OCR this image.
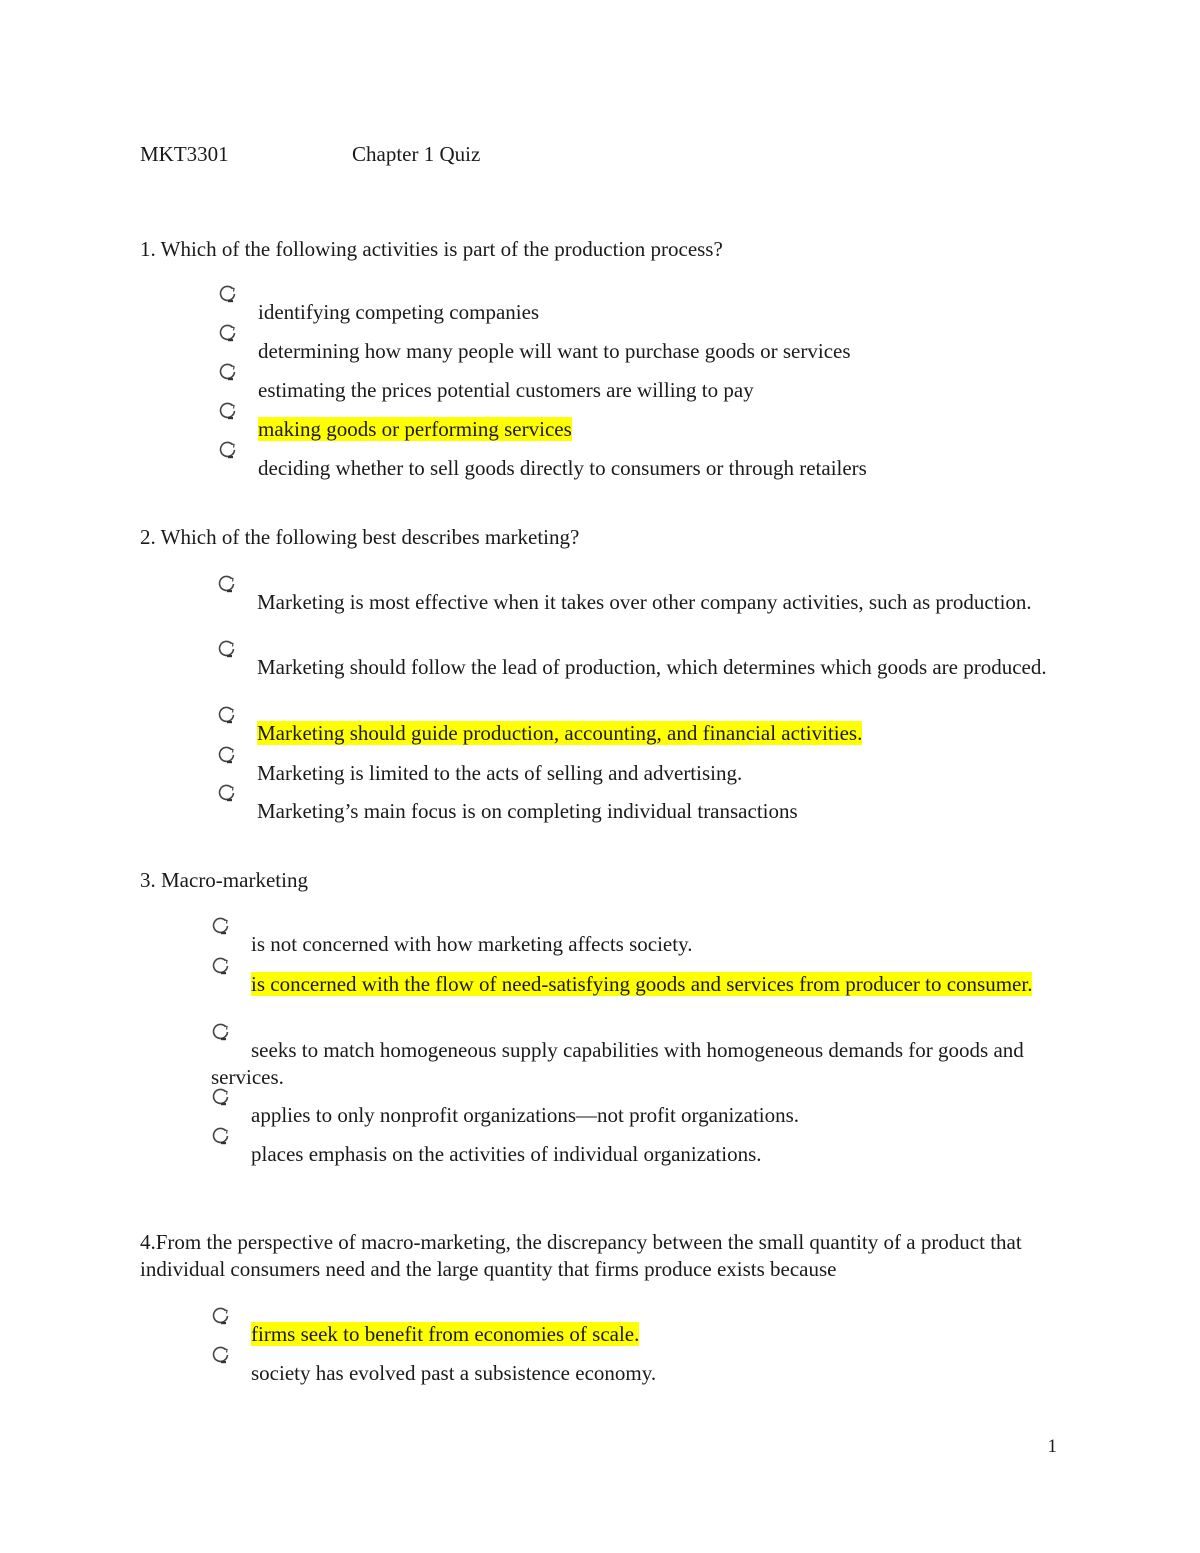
MKT3301	Chapter 1 Quiz
1. Which of the following activities is part of the production process?
identifying competing companies
determining how many people will want to purchase goods or services
estimating the prices potential customers are willing to pay
making goods or performing services
deciding whether to sell goods directly to consumers or through retailers
2. Which of the following best describes marketing?
Marketing is most effective when it takes over other company activities, such as production.
Marketing should follow the lead of production, which determines which goods are produced.
Marketing should guide production, accounting, and financial activities.
Marketing is limited to the acts of selling and advertising.
Marketing’s main focus is on completing individual transactions
3. Macro-marketing
is not concerned with how marketing affects society.
is concerned with the flow of need-satisfying goods and services from producer to consumer.
seeks to match homogeneous supply capabilities with homogeneous demands for goods and services.
applies to only nonprofit organizations—not profit organizations.
places emphasis on the activities of individual organizations.
4.From the perspective of macro-marketing, the discrepancy between the small quantity of a product that individual consumers need and the large quantity that firms produce exists because
firms seek to benefit from economies of scale.
society has evolved past a subsistence economy.
1
